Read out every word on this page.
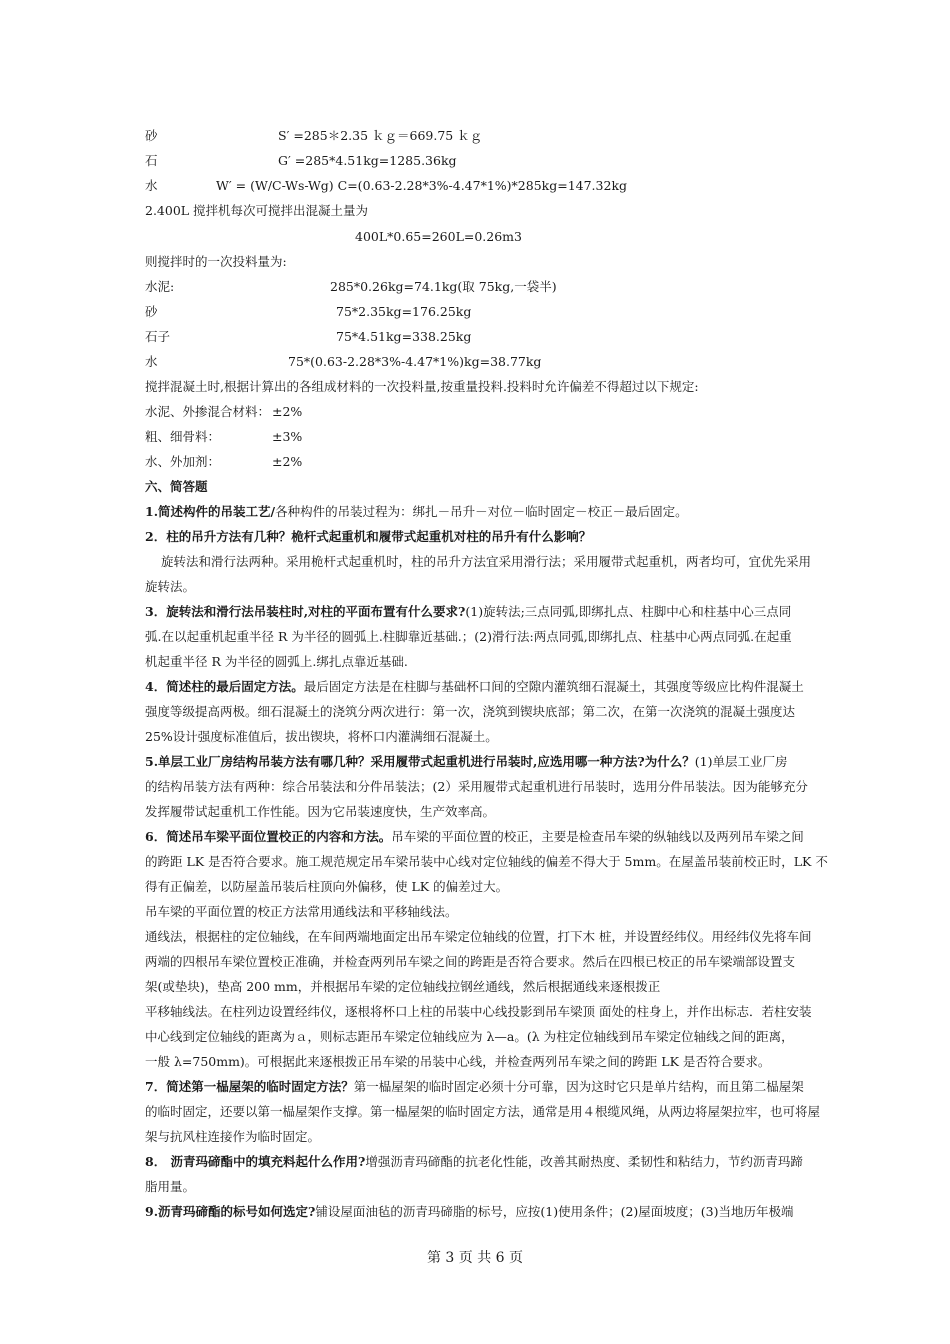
砂	S′ =285＊2.35 ｋｇ＝669.75 ｋｇ
石	G′ =285*4.51kg=1285.36kg
水	W′ = (W/C-Ws-Wg) C=(0.63-2.28*3%-4.47*1%)*285kg=147.32kg
2.400L 搅拌机每次可搅拌出混凝土量为
400L*0.65=260L=0.26m3
则搅拌时的一次投料量为:
水泥:	285*0.26kg=74.1kg(取 75kg,一袋半)
砂	75*2.35kg=176.25kg
石子	75*4.51kg=338.25kg
水	75*(0.63-2.28*3%-4.47*1%)kg=38.77kg
搅拌混凝土时,根据计算出的各组成材料的一次投料量,按重量投料.投料时允许偏差不得超过以下规定:
水泥、外掺混合材料： ±2%
粗、细骨料：	±3%
水、外加剂：	±2%
六、简答题
1.简述构件的吊装工艺/各种构件的吊装过程为：绑扎－吊升－对位－临时固定－校正－最后固定。
2．柱的吊升方法有几种？桅杆式起重机和履带式起重机对柱的吊升有什么影响？
旋转法和滑行法两种。采用桅杆式起重机时，柱的吊升方法宜采用滑行法；采用履带式起重机，两者均可，宜优先采用
旋转法。
3．旋转法和滑行法吊装柱时,对柱的平面布置有什么要求?(1)旋转法;三点同弧,即绑扎点、柱脚中心和柱基中心三点同
弧.在以起重机起重半径 R 为半径的圆弧上.柱脚靠近基础.；(2)滑行法:两点同弧,即绑扎点、柱基中心两点同弧.在起重
机起重半径 R 为半径的圆弧上.绑扎点靠近基础.
4．简述柱的最后固定方法。最后固定方法是在柱脚与基础杯口间的空隙内灌筑细石混凝土，其强度等级应比构件混凝土
强度等级提高两极。细石混凝土的浇筑分两次进行：第一次，浇筑到锲块底部；第二次，在第一次浇筑的混凝土强度达
25%设计强度标准值后，拔出锲块，将杯口内灌满细石混凝土。
5.单层工业厂房结构吊装方法有哪几种？采用履带式起重机进行吊装时,应选用哪一种方法?为什么？(1)单层工业厂房
的结构吊装方法有两种：综合吊装法和分件吊装法；(2）采用履带式起重机进行吊装时，选用分件吊装法。因为能够充分
发挥履带试起重机工作性能。因为它吊装速度快，生产效率高。
6．简述吊车梁平面位置校正的内容和方法。吊车梁的平面位置的校正，主要是检查吊车梁的纵轴线以及两列吊车梁之间
的跨距 LK 是否符合要求。施工规范规定吊车梁吊装中心线对定位轴线的偏差不得大于 5mm。在屋盖吊装前校正时，LK 不
得有正偏差，以防屋盖吊装后柱顶向外偏移，使 LK 的偏差过大。
吊车梁的平面位置的校正方法常用通线法和平移轴线法。
通线法，根据柱的定位轴线，在车间两端地面定出吊车梁定位轴线的位置，打下木 桩，并设置经纬仪。用经纬仪先将车间
两端的四根吊车梁位置校正准确，并检查两列吊车梁之间的跨距是否符合要求。然后在四根已校正的吊车梁端部设置支
架(或垫块)，垫高 200 mm，并根据吊车梁的定位轴线拉钢丝通线，然后根据通线来逐根拨正
平移轴线法。在柱列边设置经纬仪，逐根将杯口上柱的吊装中心线投影到吊车梁顶 面处的柱身上，并作出标志．若柱安装
中心线到定位轴线的距离为ａ，则标志距吊车梁定位轴线应为 λ—a。(λ 为柱定位轴线到吊车梁定位轴线之间的距离，
一般 λ=750mm)。可根据此来逐根拨正吊车梁的吊装中心线，并检查两列吊车梁之间的跨距 LK 是否符合要求。
7．简述第一榀屋架的临时固定方法？第一榀屋架的临时固定必须十分可靠，因为这时它只是单片结构，而且第二榀屋架
的临时固定，还要以第一榀屋架作支撑。第一榀屋架的临时固定方法，通常是用４根缆风绳，从两边将屋架拉牢，也可将屋
架与抗风柱连接作为临时固定。
8． 沥青玛碲酯中的填充料起什么作用?增强沥青玛碲酯的抗老化性能，改善其耐热度、柔韧性和粘结力，节约沥青玛蹄
脂用量。
9.沥青玛碲酯的标号如何选定?铺设屋面油毡的沥青玛碲脂的标号，应按(1)使用条件；(2)屋面坡度；(3)当地历年极端
第 3 页 共 6 页
